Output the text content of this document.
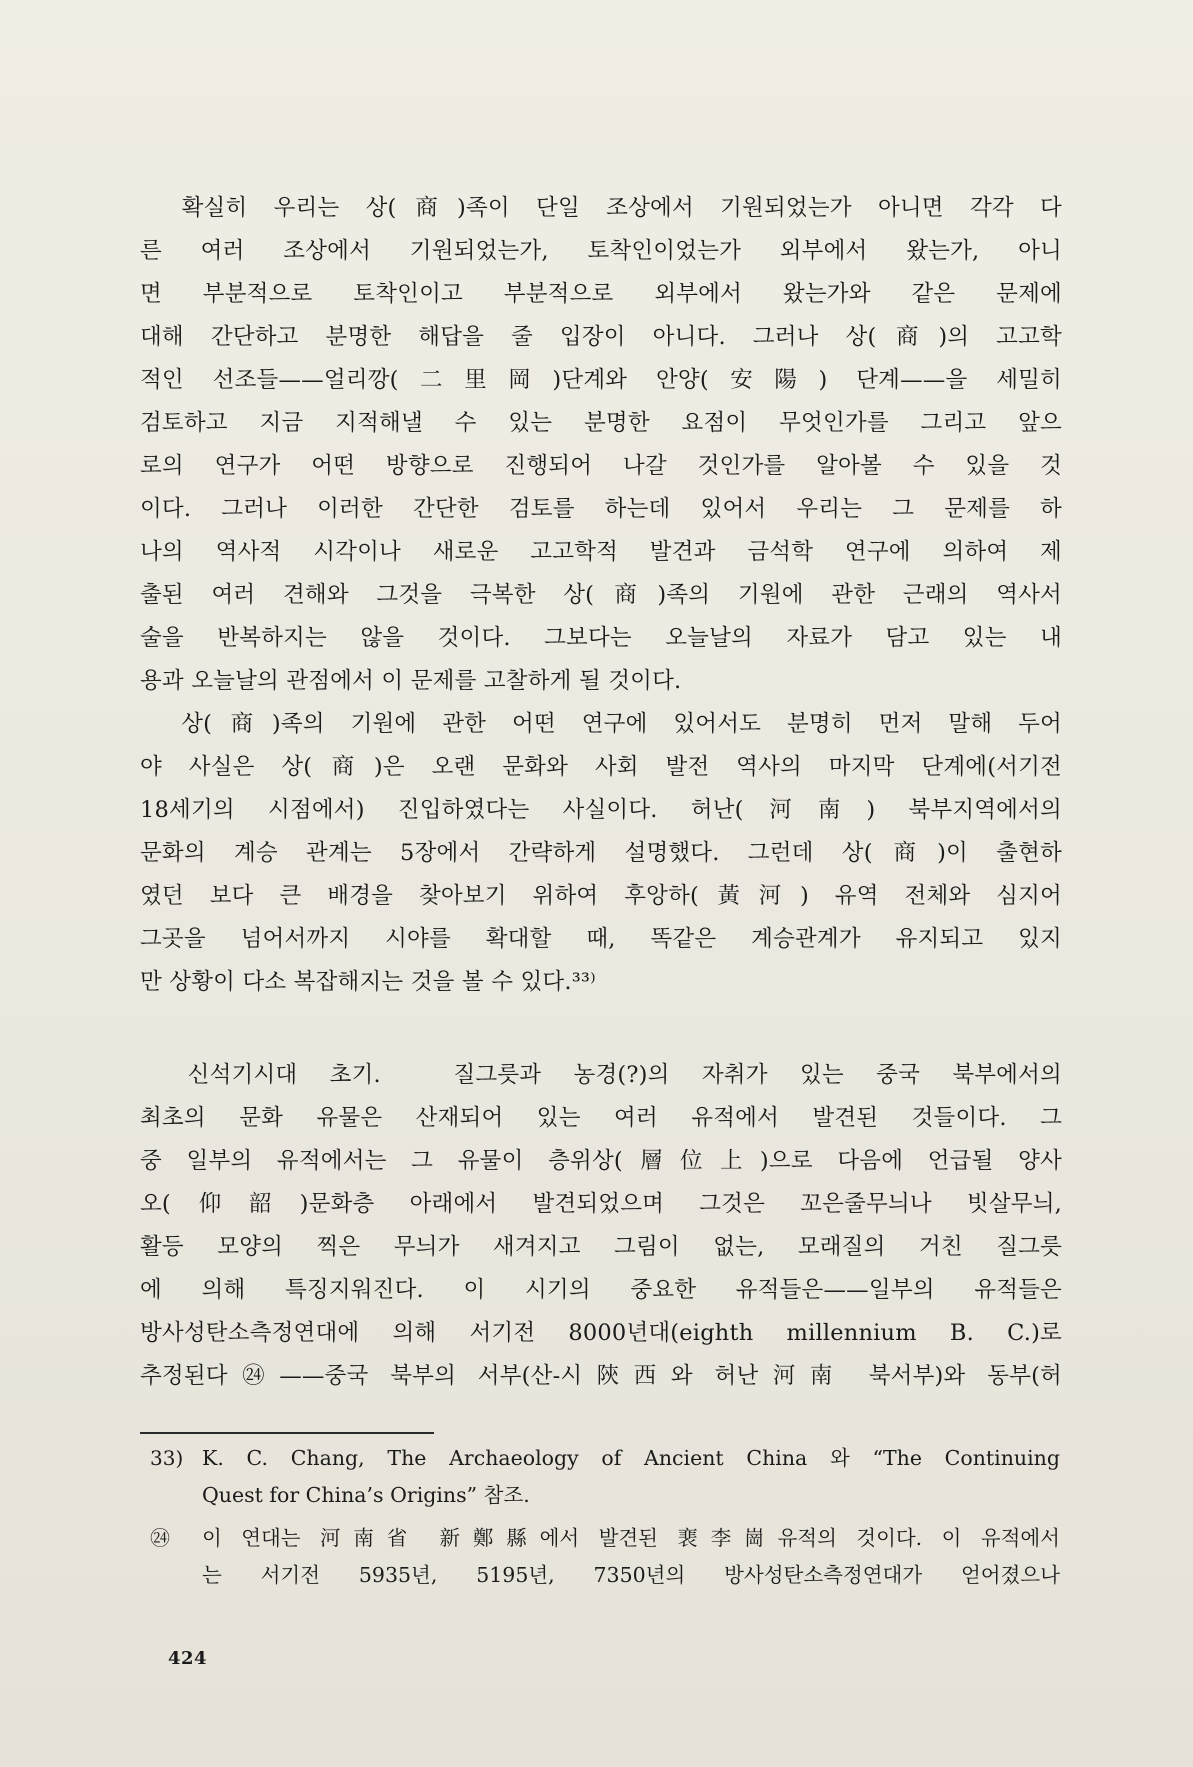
　확실히 우리는 상(商)족이 단일 조상에서 기원되었는가 아니면 각각 다
른 여러 조상에서 기원되었는가, 토착인이었는가 외부에서 왔는가, 아니
면 부분적으로 토착인이고 부분적으로 외부에서 왔는가와 같은 문제에
대해 간단하고 분명한 해답을 줄 입장이 아니다. 그러나 상(商)의 고고학
적인 선조들——얼리깡(二里岡)단계와 안양(安陽) 단계——을 세밀히
검토하고 지금 지적해낼 수 있는 분명한 요점이 무엇인가를 그리고 앞으
로의 연구가 어떤 방향으로 진행되어 나갈 것인가를 알아볼 수 있을 것
이다. 그러나 이러한 간단한 검토를 하는데 있어서 우리는 그 문제를 하
나의 역사적 시각이나 새로운 고고학적 발견과 금석학 연구에 의하여 제
출된 여러 견해와 그것을 극복한 상(商)족의 기원에 관한 근래의 역사서
술을 반복하지는 않을 것이다. 그보다는 오늘날의 자료가 담고 있는 내
용과 오늘날의 관점에서 이 문제를 고찰하게 될 것이다.
　상(商)족의 기원에 관한 어떤 연구에 있어서도 분명히 먼저 말해 두어
야 사실은 상(商)은 오랜 문화와 사회 발전 역사의 마지막 단계에(서기전
18세기의 시점에서) 진입하였다는 사실이다. 허난(河南) 북부지역에서의
문화의 계승 관계는 5장에서 간략하게 설명했다. 그런데 상(商)이 출현하
였던 보다 큰 배경을 찾아보기 위하여 후앙하(黃河) 유역 전체와 심지어
그곳을 넘어서까지 시야를 확대할 때, 똑같은 계승관계가 유지되고 있지
만 상황이 다소 복잡해지는 것을 볼 수 있다.³³⁾
　신석기시대 초기.　질그릇과 농경(?)의 자취가 있는 중국 북부에서의
최초의 문화 유물은 산재되어 있는 여러 유적에서 발견된 것들이다. 그
중 일부의 유적에서는 그 유물이 층위상(層位上)으로 다음에 언급될 양사
오(仰韶)문화층 아래에서 발견되었으며 그것은 꼬은줄무늬나 빗살무늬,
활등 모양의 찍은 무늬가 새겨지고 그림이 없는, 모래질의 거친 질그릇
에 의해 특징지워진다. 이 시기의 중요한 유적들은——일부의 유적들은
방사성탄소측정연대에 의해 서기전 8000년대(eighth millennium B. C.)로
추정된다㉔——중국 북부의 서부(산-시陝西와 허난河南 북서부)와 동부(허
33) K. C. Chang, The Archaeology of Ancient China 와 “The Continuing
Quest for China’s Origins” 참조.
㉔	이 연대는 河南省 新鄭縣에서 발견된 裵李崗유적의 것이다. 이 유적에서
는 서기전 5935년, 5195년, 7350년의 방사성탄소측정연대가 얻어졌으나
424
